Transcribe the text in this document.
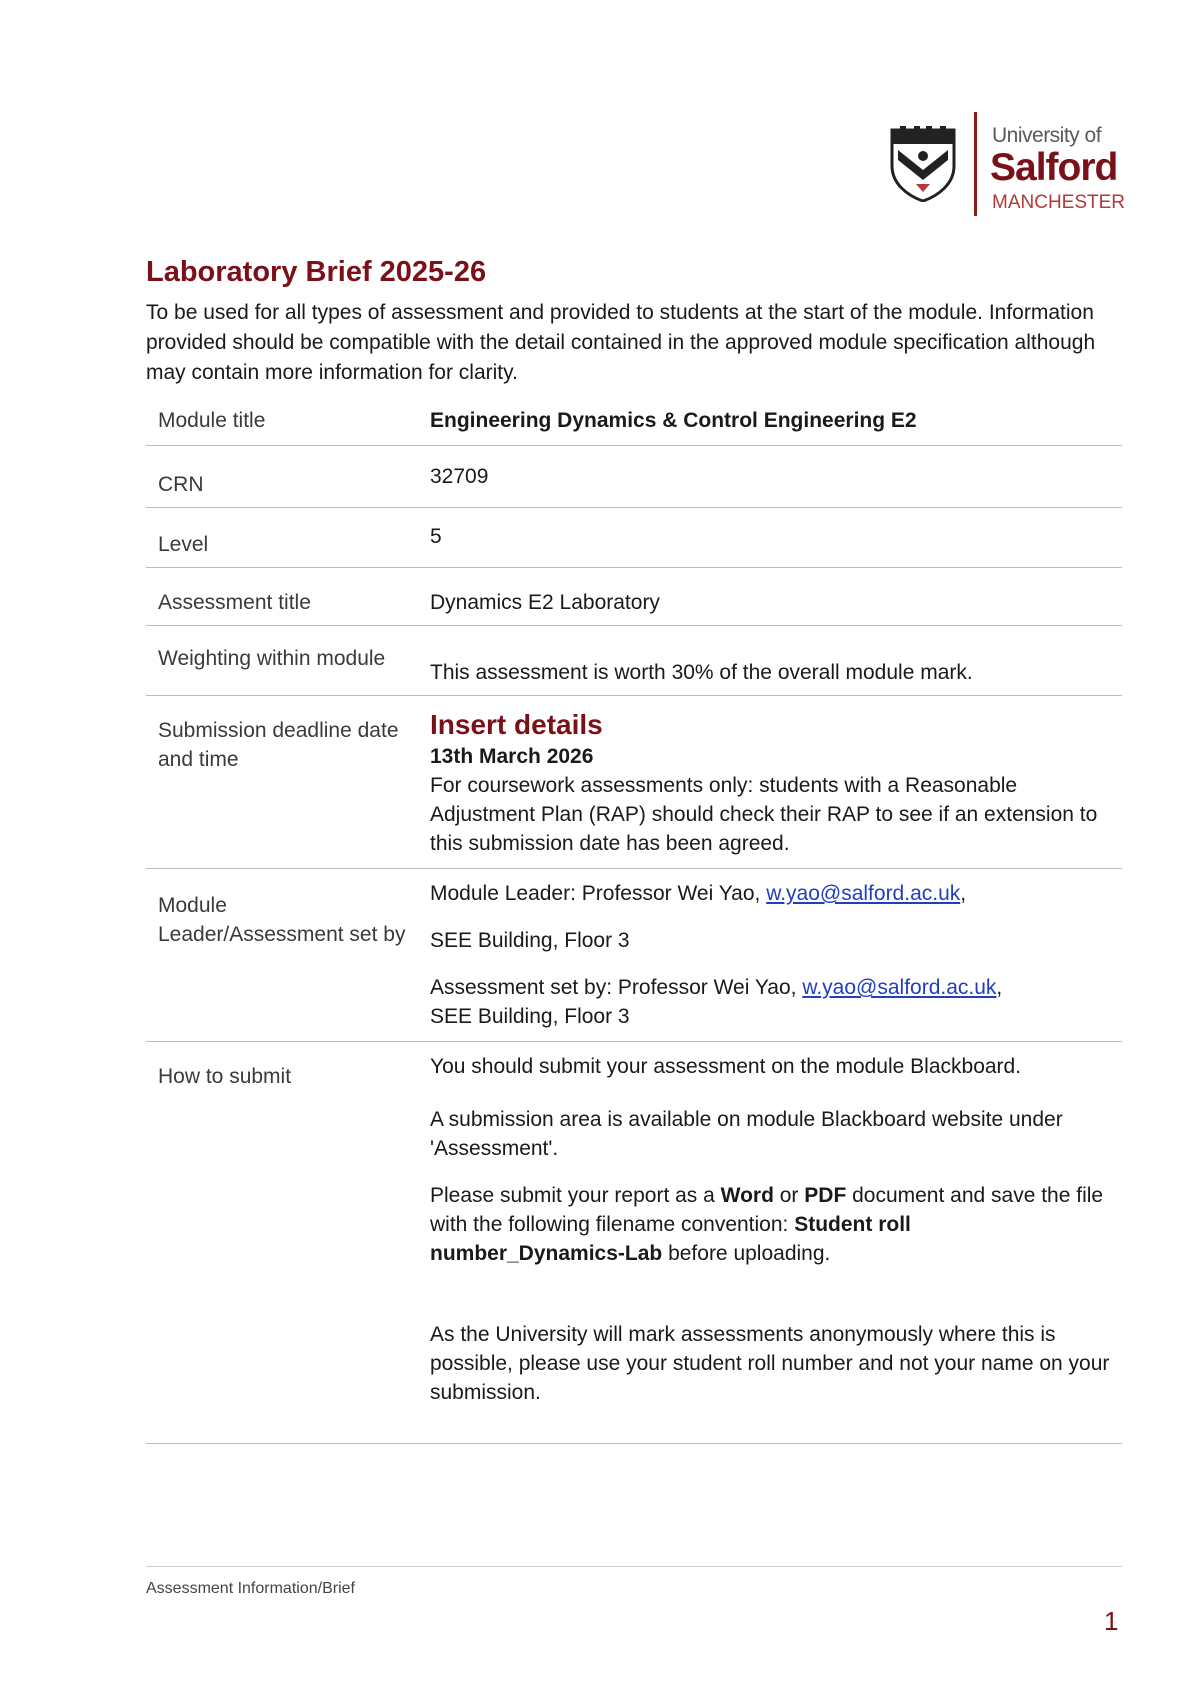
University of
Salford
MANCHESTER
Laboratory Brief 2025-26

To be used for all types of assessment and provided to students at the start of the module. Information provided should be compatible with the detail contained in the approved module specification although may contain more information for clarity.

Module title	Engineering Dynamics & Control Engineering E2
CRN	32709
Level	5
Assessment title	Dynamics E2 Laboratory
Weighting within module	This assessment is worth 30% of the overall module mark.
Submission deadline date and time	Insert details
13th March 2026
For coursework assessments only: students with a Reasonable Adjustment Plan (RAP) should check their RAP to see if an extension to this submission date has been agreed.

Module Leader/Assessment set by	Module Leader: Professor Wei Yao, w.yao@salford.ac.uk,
SEE Building, Floor 3
Assessment set by: Professor Wei Yao, w.yao@salford.ac.uk,
SEE Building, Floor 3

How to submit	You should submit your assessment on the module Blackboard.
A submission area is available on module Blackboard website under 'Assessment'.
Please submit your report as a Word or PDF document and save the file with the following filename convention: Student roll number_Dynamics-Lab before uploading.
As the University will mark assessments anonymously where this is possible, please use your student roll number and not your name on your submission.
Assessment Information/Brief
1
